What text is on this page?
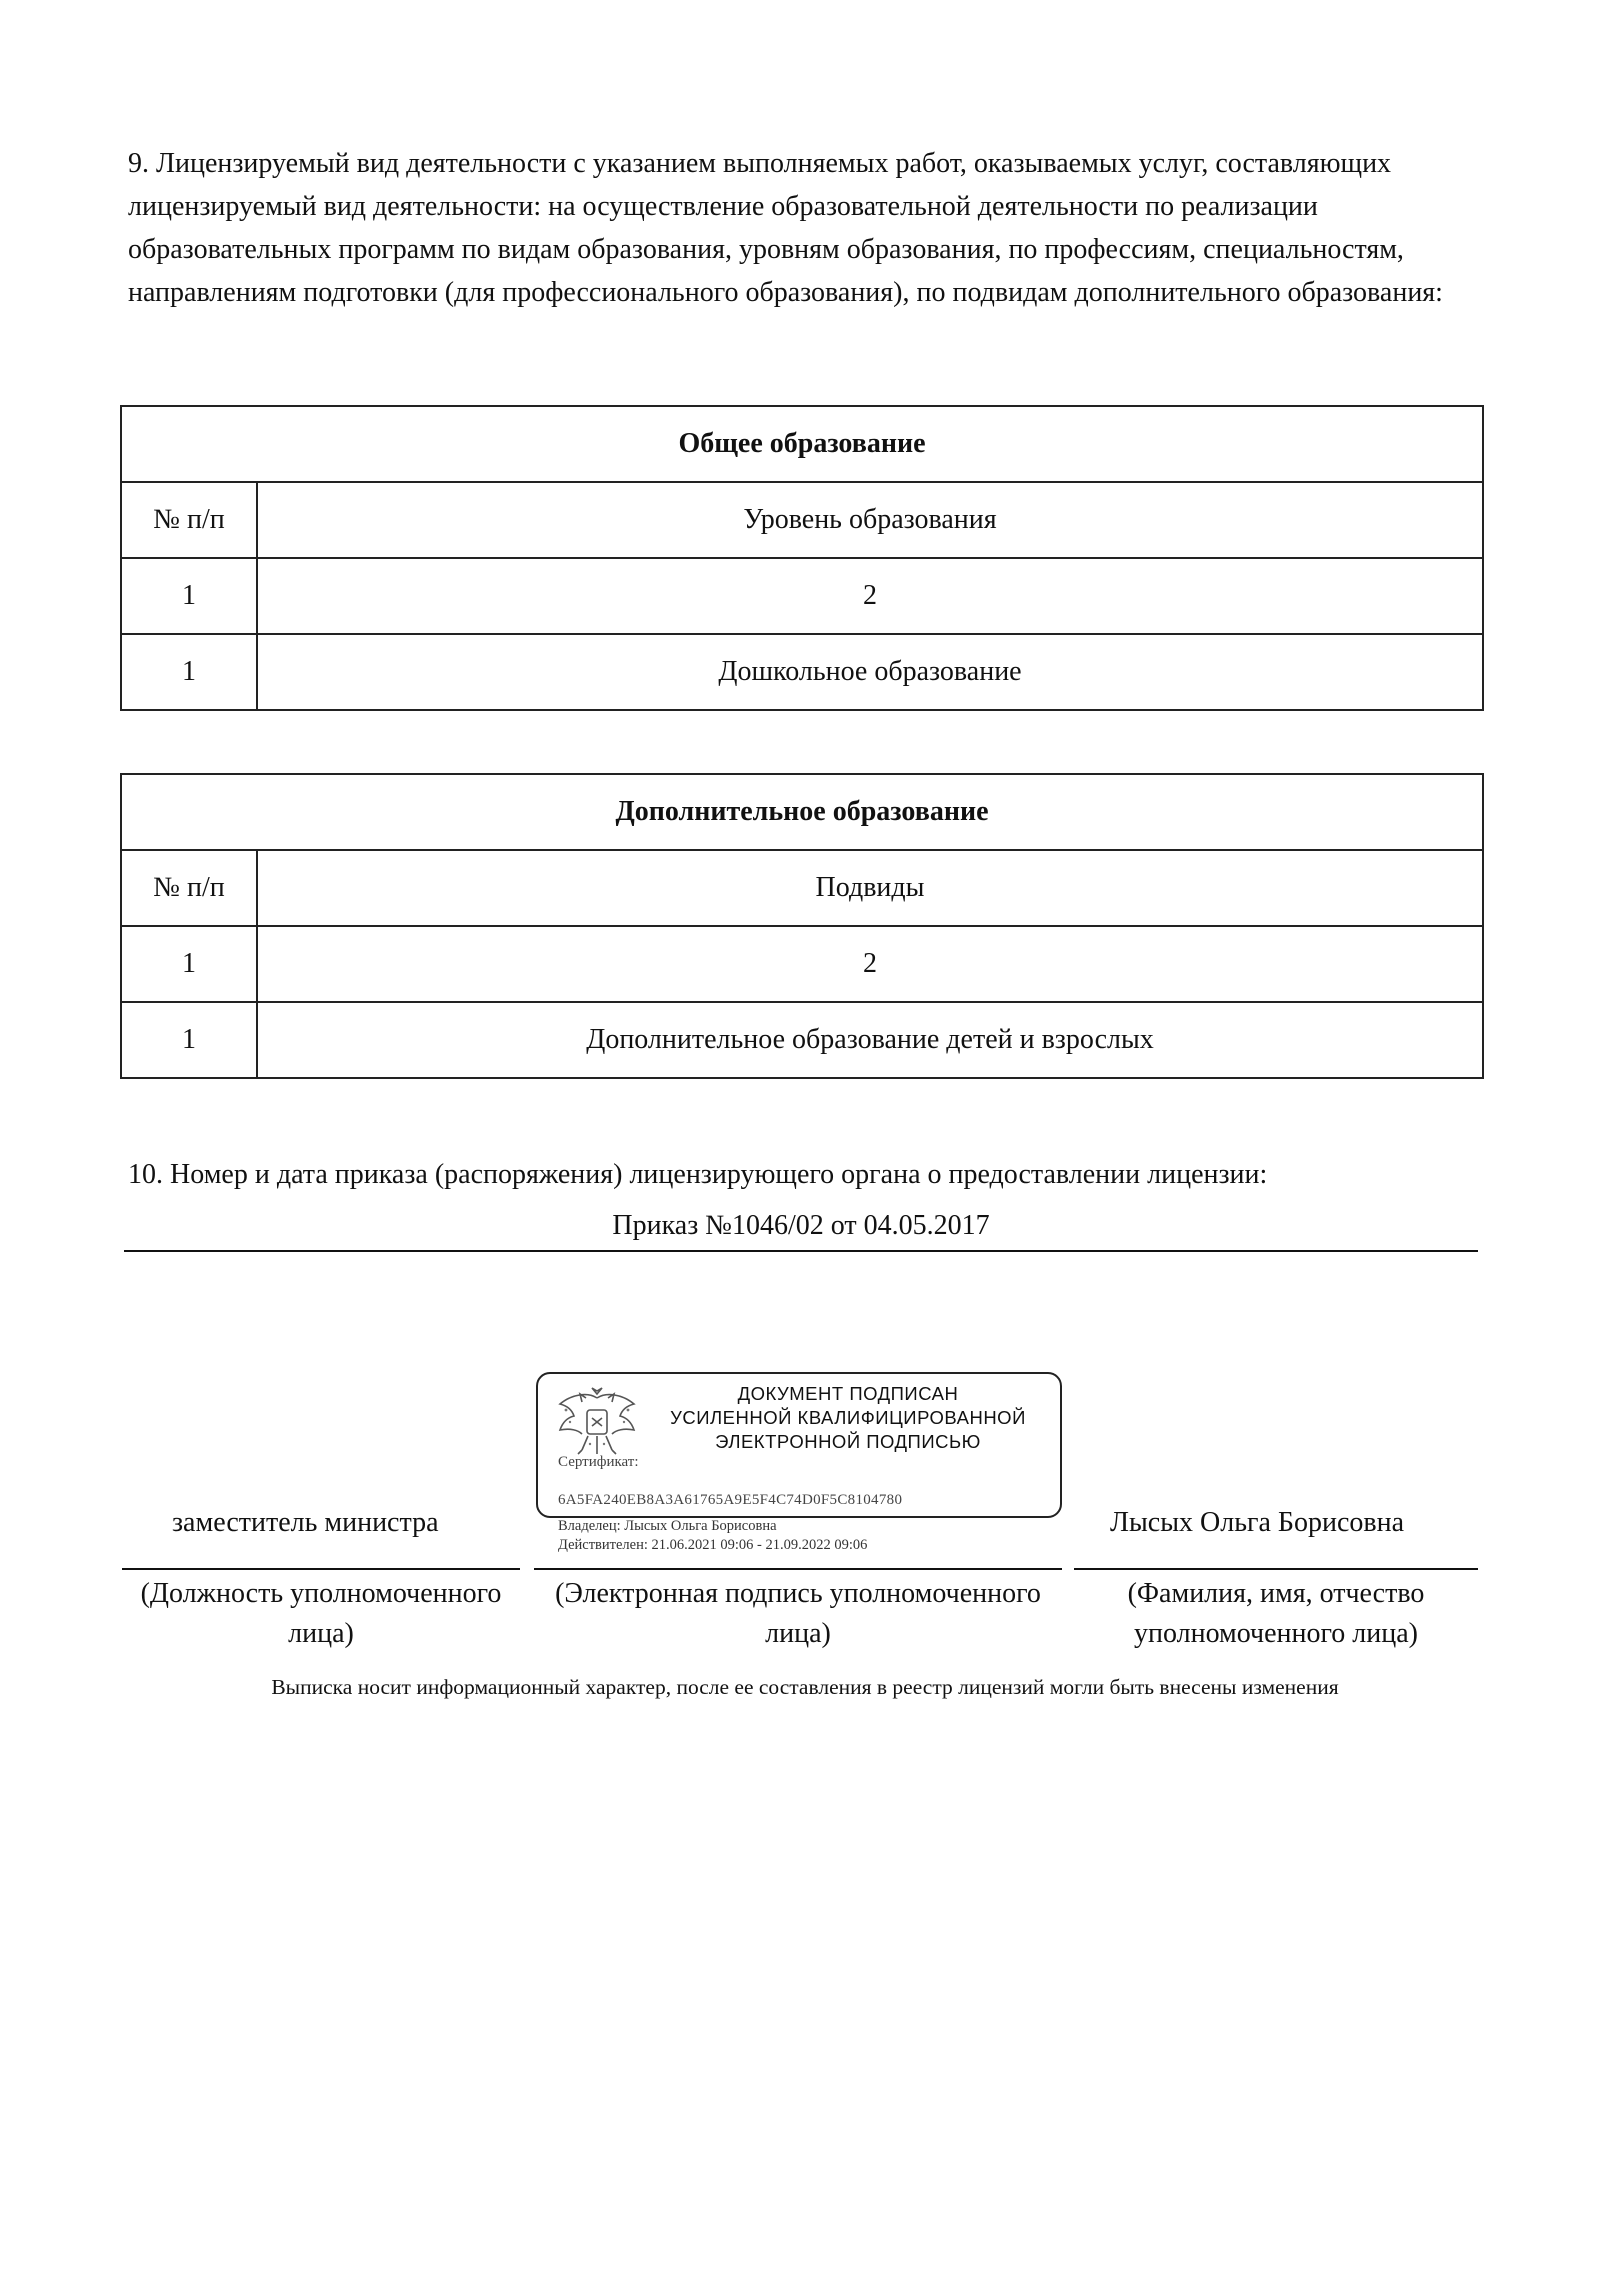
9. Лицензируемый вид деятельности с указанием выполняемых работ, оказываемых услуг, составляющих лицензируемый вид деятельности: на осуществление образовательной деятельности по реализации образовательных программ по видам образования, уровням образования, по профессиям, специальностям, направлениям подготовки (для профессионального образования), по подвидам дополнительного образования:

Общее образование	
№ п/п	Уровень образования
1	2
1	Дошкольное образование
Дополнительное образование	
№ п/п	Подвиды
1	2
1	Дополнительное образование детей и взрослых

10. Номер и дата приказа (распоряжения) лицензирующего органа о предоставлении лицензии:

Приказ №1046/02 от 04.05.2017
ДОКУМЕНТ ПОДПИСАН
УСИЛЕННОЙ КВАЛИФИЦИРОВАННОЙ
ЭЛЕКТРОННОЙ ПОДПИСЬЮ
Сертификат:
6A5FA240EB8A3A61765A9E5F4C74D0F5C8104780
Владелец: Лысых Ольга Борисовна
Действителен: 21.06.2021 09:06 - 21.09.2022 09:06
заместитель министра	Лысых Ольга Борисовна
(Должность уполномоченного лица)
(Электронная подпись уполномоченного лица)
(Фамилия, имя, отчество уполномоченного лица)
Выписка носит информационный характер, после ее составления в реестр лицензий могли быть внесены изменения
